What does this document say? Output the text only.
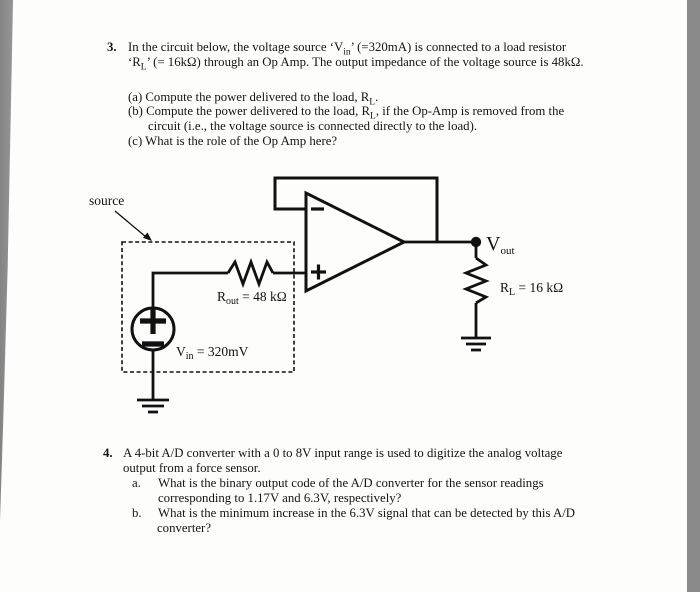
3. In the circuit below, the voltage source ‘$V_{in}$’ (=320mA) is connected to a load resistor
‘$R_L$’ (= 16kΩ) through an Op Amp. The output impedance of the voltage source is 48kΩ.
(a) Compute the power delivered to the load, $R_L$.
(b) Compute the power delivered to the load, $R_L$, if the Op-Amp is removed from the
circuit (i.e., the voltage source is connected directly to the load).
(c) What is the role of the Op Amp here?
source
$R_{out} = 48$ kΩ
$V_{in} = 320mV$
$V_{out}$
$R_L = 16$ kΩ
4. A 4-bit A/D converter with a 0 to 8V input range is used to digitize the analog voltage
output from a force sensor.
a. What is the binary output code of the A/D converter for the sensor readings
corresponding to 1.17V and 6.3V, respectively?
b. What is the minimum increase in the 6.3V signal that can be detected by this A/D
converter?
